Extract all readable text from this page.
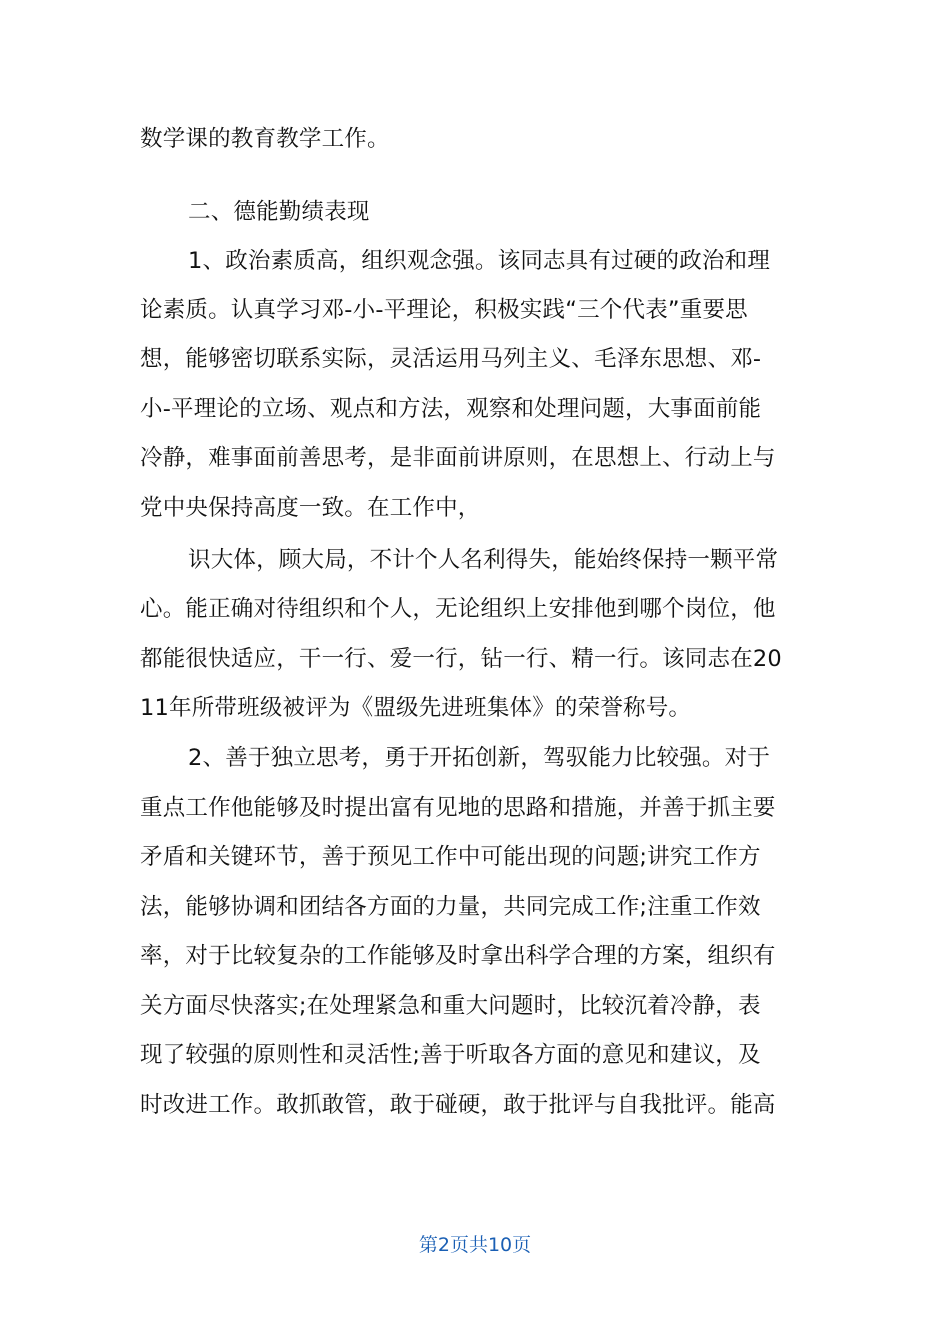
数学课的教育教学工作。
二、德能勤绩表现
1、政治素质高，组织观念强。该同志具有过硬的政治和理
论素质。认真学习邓-小-平理论，积极实践“三个代表”重要思
想，能够密切联系实际，灵活运用马列主义、毛泽东思想、邓-
小-平理论的立场、观点和方法，观察和处理问题，大事面前能
冷静，难事面前善思考，是非面前讲原则，在思想上、行动上与
党中央保持高度一致。在工作中，
识大体，顾大局，不计个人名利得失，能始终保持一颗平常
心。能正确对待组织和个人，无论组织上安排他到哪个岗位，他
都能很快适应，干一行、爱一行，钻一行、精一行。该同志在20
11年所带班级被评为《盟级先进班集体》的荣誉称号。
2、善于独立思考，勇于开拓创新，驾驭能力比较强。对于
重点工作他能够及时提出富有见地的思路和措施，并善于抓主要
矛盾和关键环节，善于预见工作中可能出现的问题;讲究工作方
法，能够协调和团结各方面的力量，共同完成工作;注重工作效
率，对于比较复杂的工作能够及时拿出科学合理的方案，组织有
关方面尽快落实;在处理紧急和重大问题时，比较沉着冷静，表
现了较强的原则性和灵活性;善于听取各方面的意见和建议，及
时改进工作。敢抓敢管，敢于碰硬，敢于批评与自我批评。能高
第2页共10页
